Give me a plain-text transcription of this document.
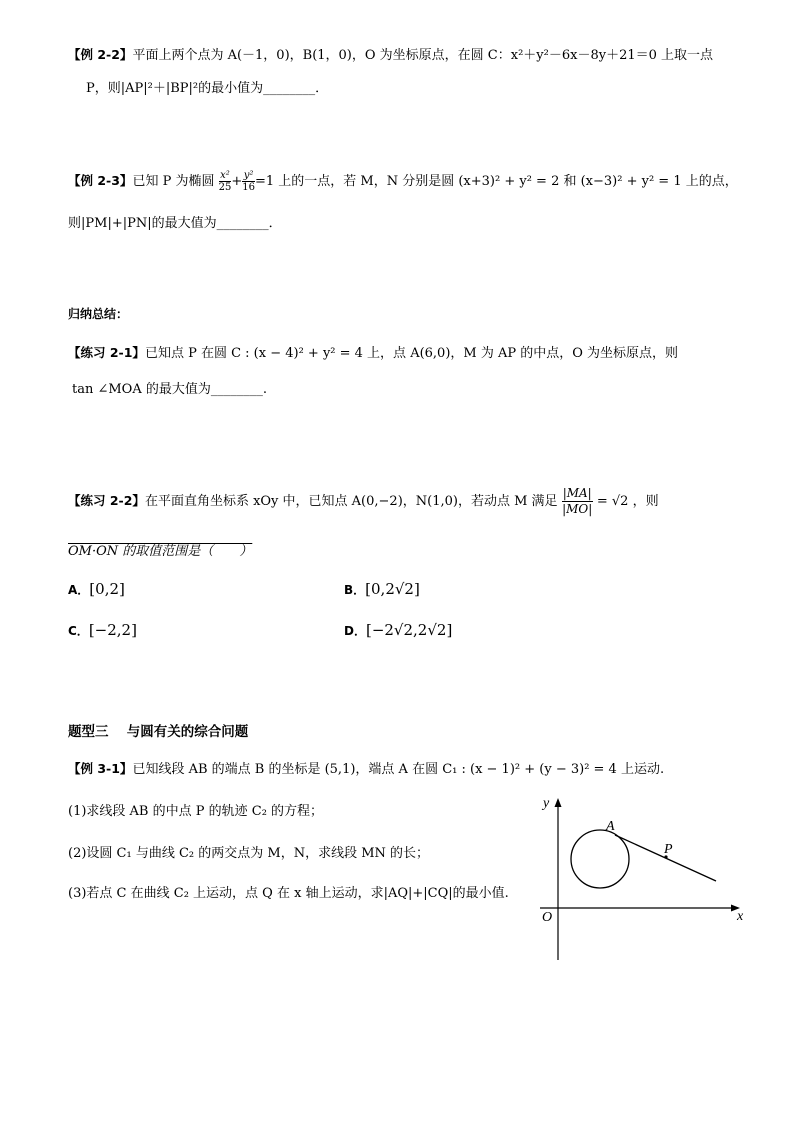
【例 2-2】平面上两个点为 A(－1，0)，B(1，0)，O 为坐标原点，在圆 C：x²＋y²－6x－8y＋21＝0 上取一点
P，则|AP|²＋|BP|²的最小值为________．
【例 2-3】已知 P 为椭圆 $\frac{\text{x²}}{25} + \frac{\text{y²}}{16} =1$ 上的一点，若 M，N 分别是圆 (x+3)² + y² = 2 和 (x−3)² + y² = 1 上的点，
则|PM|+|PN|的最大值为________．
归纳总结：
【练习 2-1】已知点 P 在圆 C : (x − 4)² + y² = 4 上，点 A(6,0)，M 为 AP 的中点，O 为坐标原点，则
tan ∠MOA 的最大值为________.
【练习 2-2】在平面直角坐标系 xOy 中，已知点 A(0,−2)，N(1,0)，若动点 M 满足 $\frac{|MA|}{|MO|} = √2$ ，则
OM·ON 的取值范围是（　　）
A．[0,2]	B．[0,2√2]
C．[−2,2]	D．[−2√2,2√2]
题型三　 与圆有关的综合问题
【例 3-1】已知线段 AB 的端点 B 的坐标是 (5,1)，端点 A 在圆 C₁ : (x − 1)² + (y − 3)² = 4 上运动.
(1)求线段 AB 的中点 P 的轨迹 C₂ 的方程；
(2)设圆 C₁ 与曲线 C₂ 的两交点为 M，N，求线段 MN 的长；
(3)若点 C 在曲线 C₂ 上运动，点 Q 在 x 轴上运动，求|AQ|+|CQ|的最小值.
y
x
O
A
P
